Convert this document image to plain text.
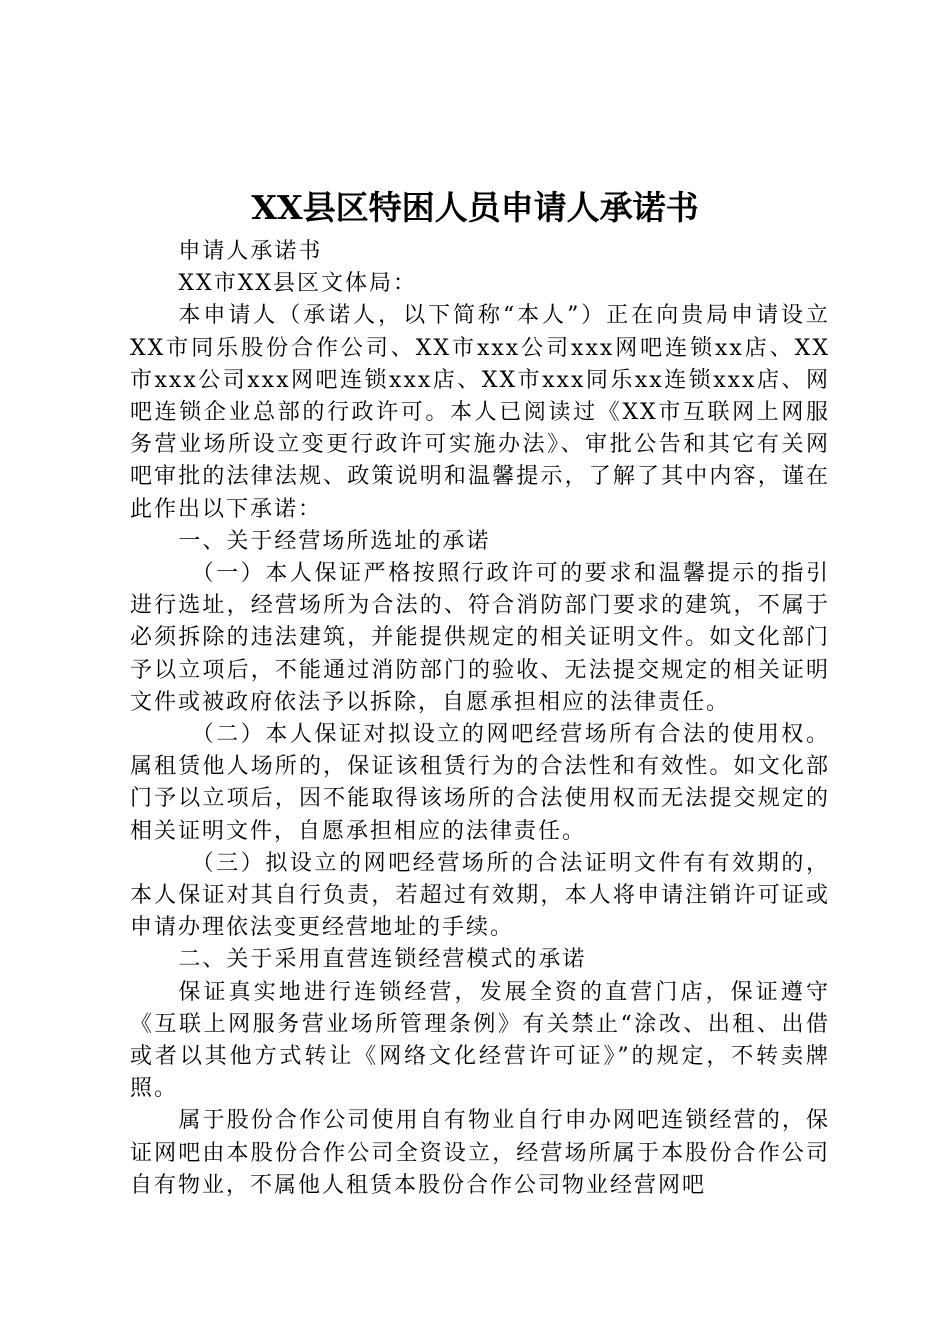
XX县区特困人员申请人承诺书

申请人承诺书

XX市XX县区文体局：

本申请人（承诺人，以下简称“本人”）正在向贵局申请设立XX市同乐股份合作公司、XX市xxx公司xxx网吧连锁xx店、XX市xxx公司xxx网吧连锁xxx店、XX市xxx同乐xx连锁xxx店、网吧连锁企业总部的行政许可。本人已阅读过《XX市互联网上网服务营业场所设立变更行政许可实施办法》、审批公告和其它有关网吧审批的法律法规、政策说明和温馨提示，了解了其中内容，谨在此作出以下承诺：

一、关于经营场所选址的承诺

（一）本人保证严格按照行政许可的要求和温馨提示的指引进行选址，经营场所为合法的、符合消防部门要求的建筑，不属于必须拆除的违法建筑，并能提供规定的相关证明文件。如文化部门予以立项后，不能通过消防部门的验收、无法提交规定的相关证明文件或被政府依法予以拆除，自愿承担相应的法律责任。

（二）本人保证对拟设立的网吧经营场所有合法的使用权。属租赁他人场所的，保证该租赁行为的合法性和有效性。如文化部门予以立项后，因不能取得该场所的合法使用权而无法提交规定的相关证明文件，自愿承担相应的法律责任。

（三）拟设立的网吧经营场所的合法证明文件有有效期的，本人保证对其自行负责，若超过有效期，本人将申请注销许可证或申请办理依法变更经营地址的手续。

二、关于采用直营连锁经营模式的承诺

保证真实地进行连锁经营，发展全资的直营门店，保证遵守《互联上网服务营业场所管理条例》有关禁止“涂改、出租、出借或者以其他方式转让《网络文化经营许可证》”的规定，不转卖牌照。

属于股份合作公司使用自有物业自行申办网吧连锁经营的，保证网吧由本股份合作公司全资设立，经营场所属于本股份合作公司自有物业，不属他人租赁本股份合作公司物业经营网吧
